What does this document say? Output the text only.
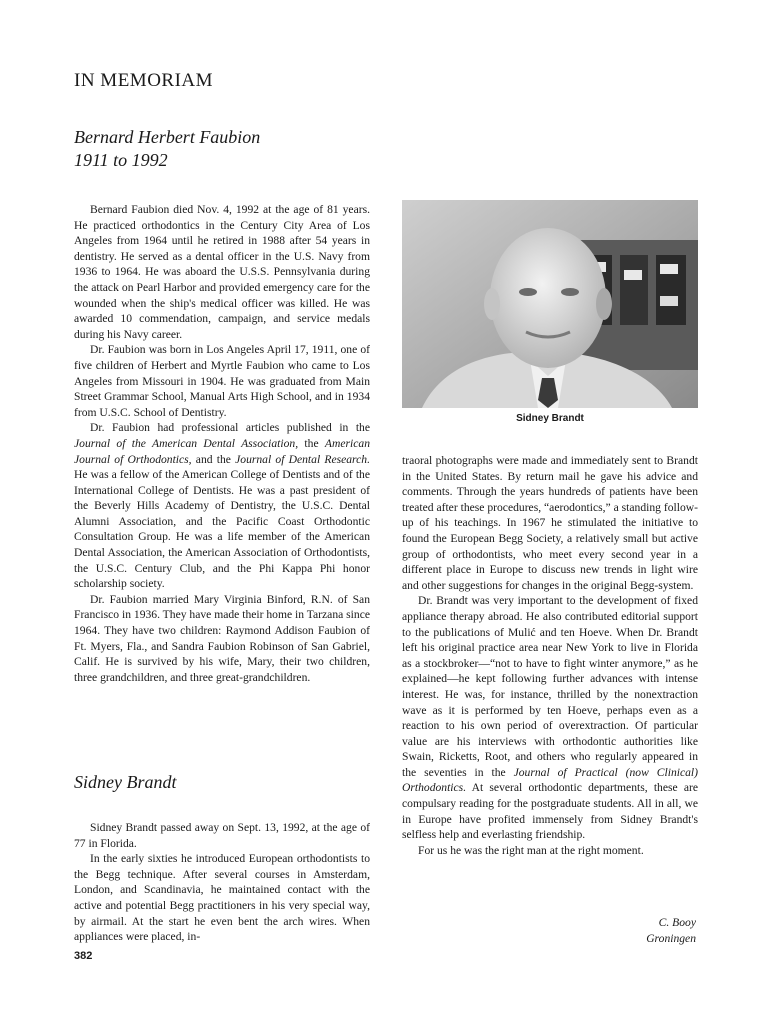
IN MEMORIAM
Bernard Herbert Faubion
1911 to 1992

Bernard Faubion died Nov. 4, 1992 at the age of 81 years. He practiced orthodontics in the Century City Area of Los Angeles from 1964 until he retired in 1988 after 54 years in dentistry. He served as a dental officer in the U.S. Navy from 1936 to 1964. He was aboard the U.S.S. Pennsylvania during the attack on Pearl Harbor and provided emergency care for the wounded when the ship's medical officer was killed. He was awarded 10 commendation, campaign, and service medals during his Navy career.

Dr. Faubion was born in Los Angeles April 17, 1911, one of five children of Herbert and Myrtle Faubion who came to Los Angeles from Missouri in 1904. He was graduated from Main Street Grammar School, Manual Arts High School, and in 1934 from U.S.C. School of Dentistry.

Dr. Faubion had professional articles published in the Journal of the American Dental Association, the American Journal of Orthodontics, and the Journal of Dental Research. He was a fellow of the American College of Dentists and of the International College of Dentists. He was a past president of the Beverly Hills Academy of Dentistry, the U.S.C. Dental Alumni Association, and the Pacific Coast Orthodontic Consultation Group. He was a life member of the American Dental Association, the American Association of Orthodontists, the U.S.C. Century Club, and the Phi Kappa Phi honor scholarship society.

Dr. Faubion married Mary Virginia Binford, R.N. of San Francisco in 1936. They have made their home in Tarzana since 1964. They have two children: Raymond Addison Faubion of Ft. Myers, Fla., and Sandra Faubion Robinson of San Gabriel, Calif. He is survived by his wife, Mary, their two children, three grandchildren, and three great-grandchildren.

Sidney Brandt

Sidney Brandt passed away on Sept. 13, 1992, at the age of 77 in Florida.

In the early sixties he introduced European orthodontists to the Begg technique. After several courses in Amsterdam, London, and Scandinavia, he maintained contact with the active and potential Begg practitioners in his very special way, by airmail. At the start he even bent the arch wires. When appliances were placed, in-

Sidney Brandt

traoral photographs were made and immediately sent to Brandt in the United States. By return mail he gave his advice and comments. Through the years hundreds of patients have been treated after these procedures, “aerodontics,” a standing follow-up of his teachings. In 1967 he stimulated the initiative to found the European Begg Society, a relatively small but active group of orthodontists, who meet every second year in a different place in Europe to discuss new trends in light wire and other suggestions for changes in the original Begg-system.

Dr. Brandt was very important to the development of fixed appliance therapy abroad. He also contributed editorial support to the publications of Mulić and ten Hoeve. When Dr. Brandt left his original practice area near New York to live in Florida as a stockbroker—“not to have to fight winter anymore,” as he explained—he kept following further advances with intense interest. He was, for instance, thrilled by the nonextraction wave as it is performed by ten Hoeve, perhaps even as a reaction to his own period of overextraction. Of particular value are his interviews with orthodontic authorities like Swain, Ricketts, Root, and others who regularly appeared in the seventies in the Journal of Practical (now Clinical) Orthodontics. At several orthodontic departments, these are compulsary reading for the postgraduate students. All in all, we in Europe have profited immensely from Sidney Brandt's selfless help and everlasting friendship.

For us he was the right man at the right moment.

C. Booy
Groningen
382
